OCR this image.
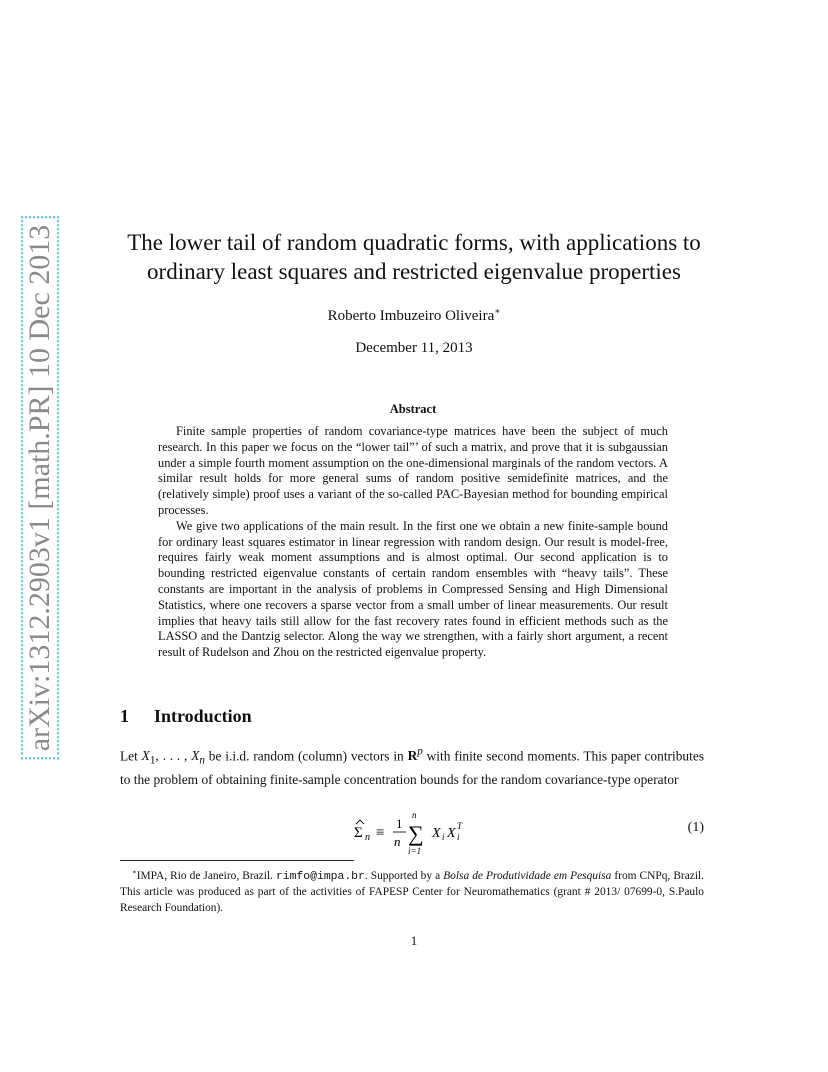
arXiv:1312.2903v1 [math.PR] 10 Dec 2013	The lower tail of random quadratic forms, with applications to
ordinary least squares and restricted eigenvalue properties
Roberto Imbuzeiro Oliveira∗
December 11, 2013
Abstract

Finite sample properties of random covariance-type matrices have been the subject of much research. In this paper we focus on the “lower tail”’ of such a matrix, and prove that it is subgaussian under a simple fourth moment assumption on the one-dimensional marginals of the random vectors. A similar result holds for more general sums of random positive semidefinite matrices, and the (relatively simple) proof uses a variant of the so-called PAC-Bayesian method for bounding empirical processes.

We give two applications of the main result. In the first one we obtain a new finite-sample bound for ordinary least squares estimator in linear regression with random design. Our result is model-free, requires fairly weak moment assumptions and is almost optimal. Our second application is to bounding restricted eigenvalue constants of certain random ensembles with “heavy tails”. These constants are important in the analysis of problems in Compressed Sensing and High Dimensional Statistics, where one recovers a sparse vector from a small umber of linear measurements. Our result implies that heavy tails still allow for the fast recovery rates found in efficient methods such as the LASSO and the Dantzig selector. Along the way we strengthen, with a fairly short argument, a recent result of Rudelson and Zhou on the restricted eigenvalue property.

1 Introduction

Let $X_1$, . . . , $X_n$ be i.i.d. random (column) vectors in $R^p$ with finite second moments. This paper contributes to the problem of obtaining finite-sample concentration bounds for the random covariance-type operator

Σ n ≡
1
n
n
∑
i=1
X i X i
T	(1)

∗IMPA, Rio de Janeiro, Brazil. rimfo@impa.br. Supported by a Bolsa de Produtividade em Pesquisa from CNPq, Brazil. This article was produced as part of the activities of FAPESP Center for Neuromathematics (grant # 2013/ 07699-0, S.Paulo Research Foundation).

1
